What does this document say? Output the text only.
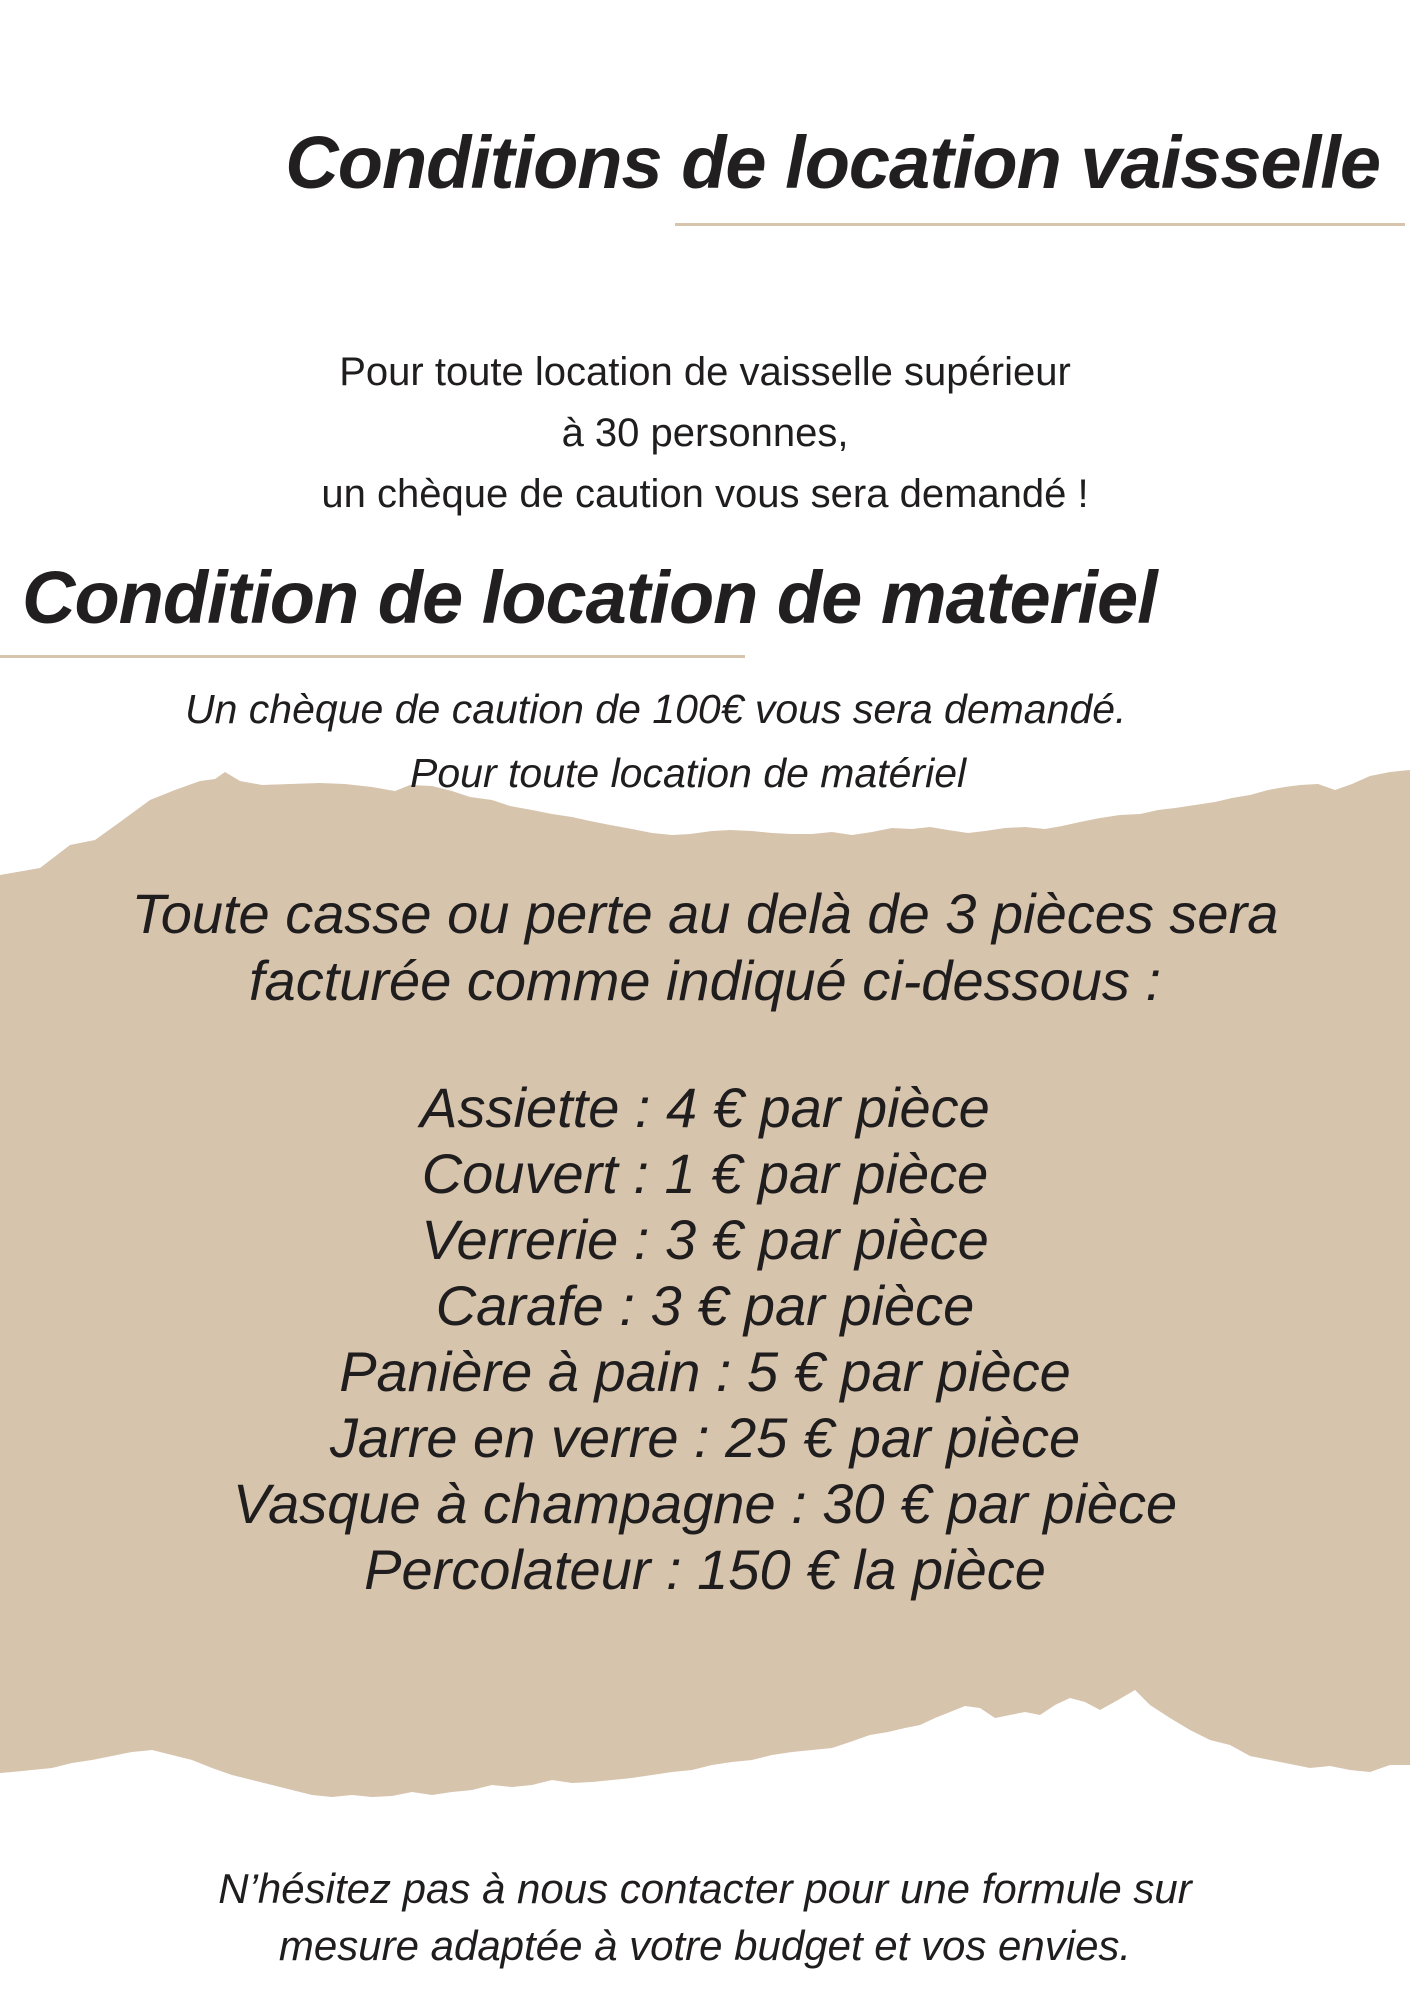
Conditions de location vaisselle

Pour toute location de vaisselle supérieur
à 30 personnes,
un chèque de caution vous sera demandé !

Condition de location de materiel

Un chèque de caution de 100€ vous sera demandé.

Pour toute location de matériel

Toute casse ou perte au delà de 3 pièces sera
facturée comme indiqué ci-dessous :

Assiette : 4 € par pièce
Couvert : 1 € par pièce
Verrerie : 3 € par pièce
Carafe : 3 € par pièce
Panière à pain : 5 € par pièce
Jarre en verre : 25 € par pièce
Vasque à champagne : 30 € par pièce
Percolateur : 150 € la pièce

N’hésitez pas à nous contacter pour une formule sur
mesure adaptée à votre budget et vos envies.
